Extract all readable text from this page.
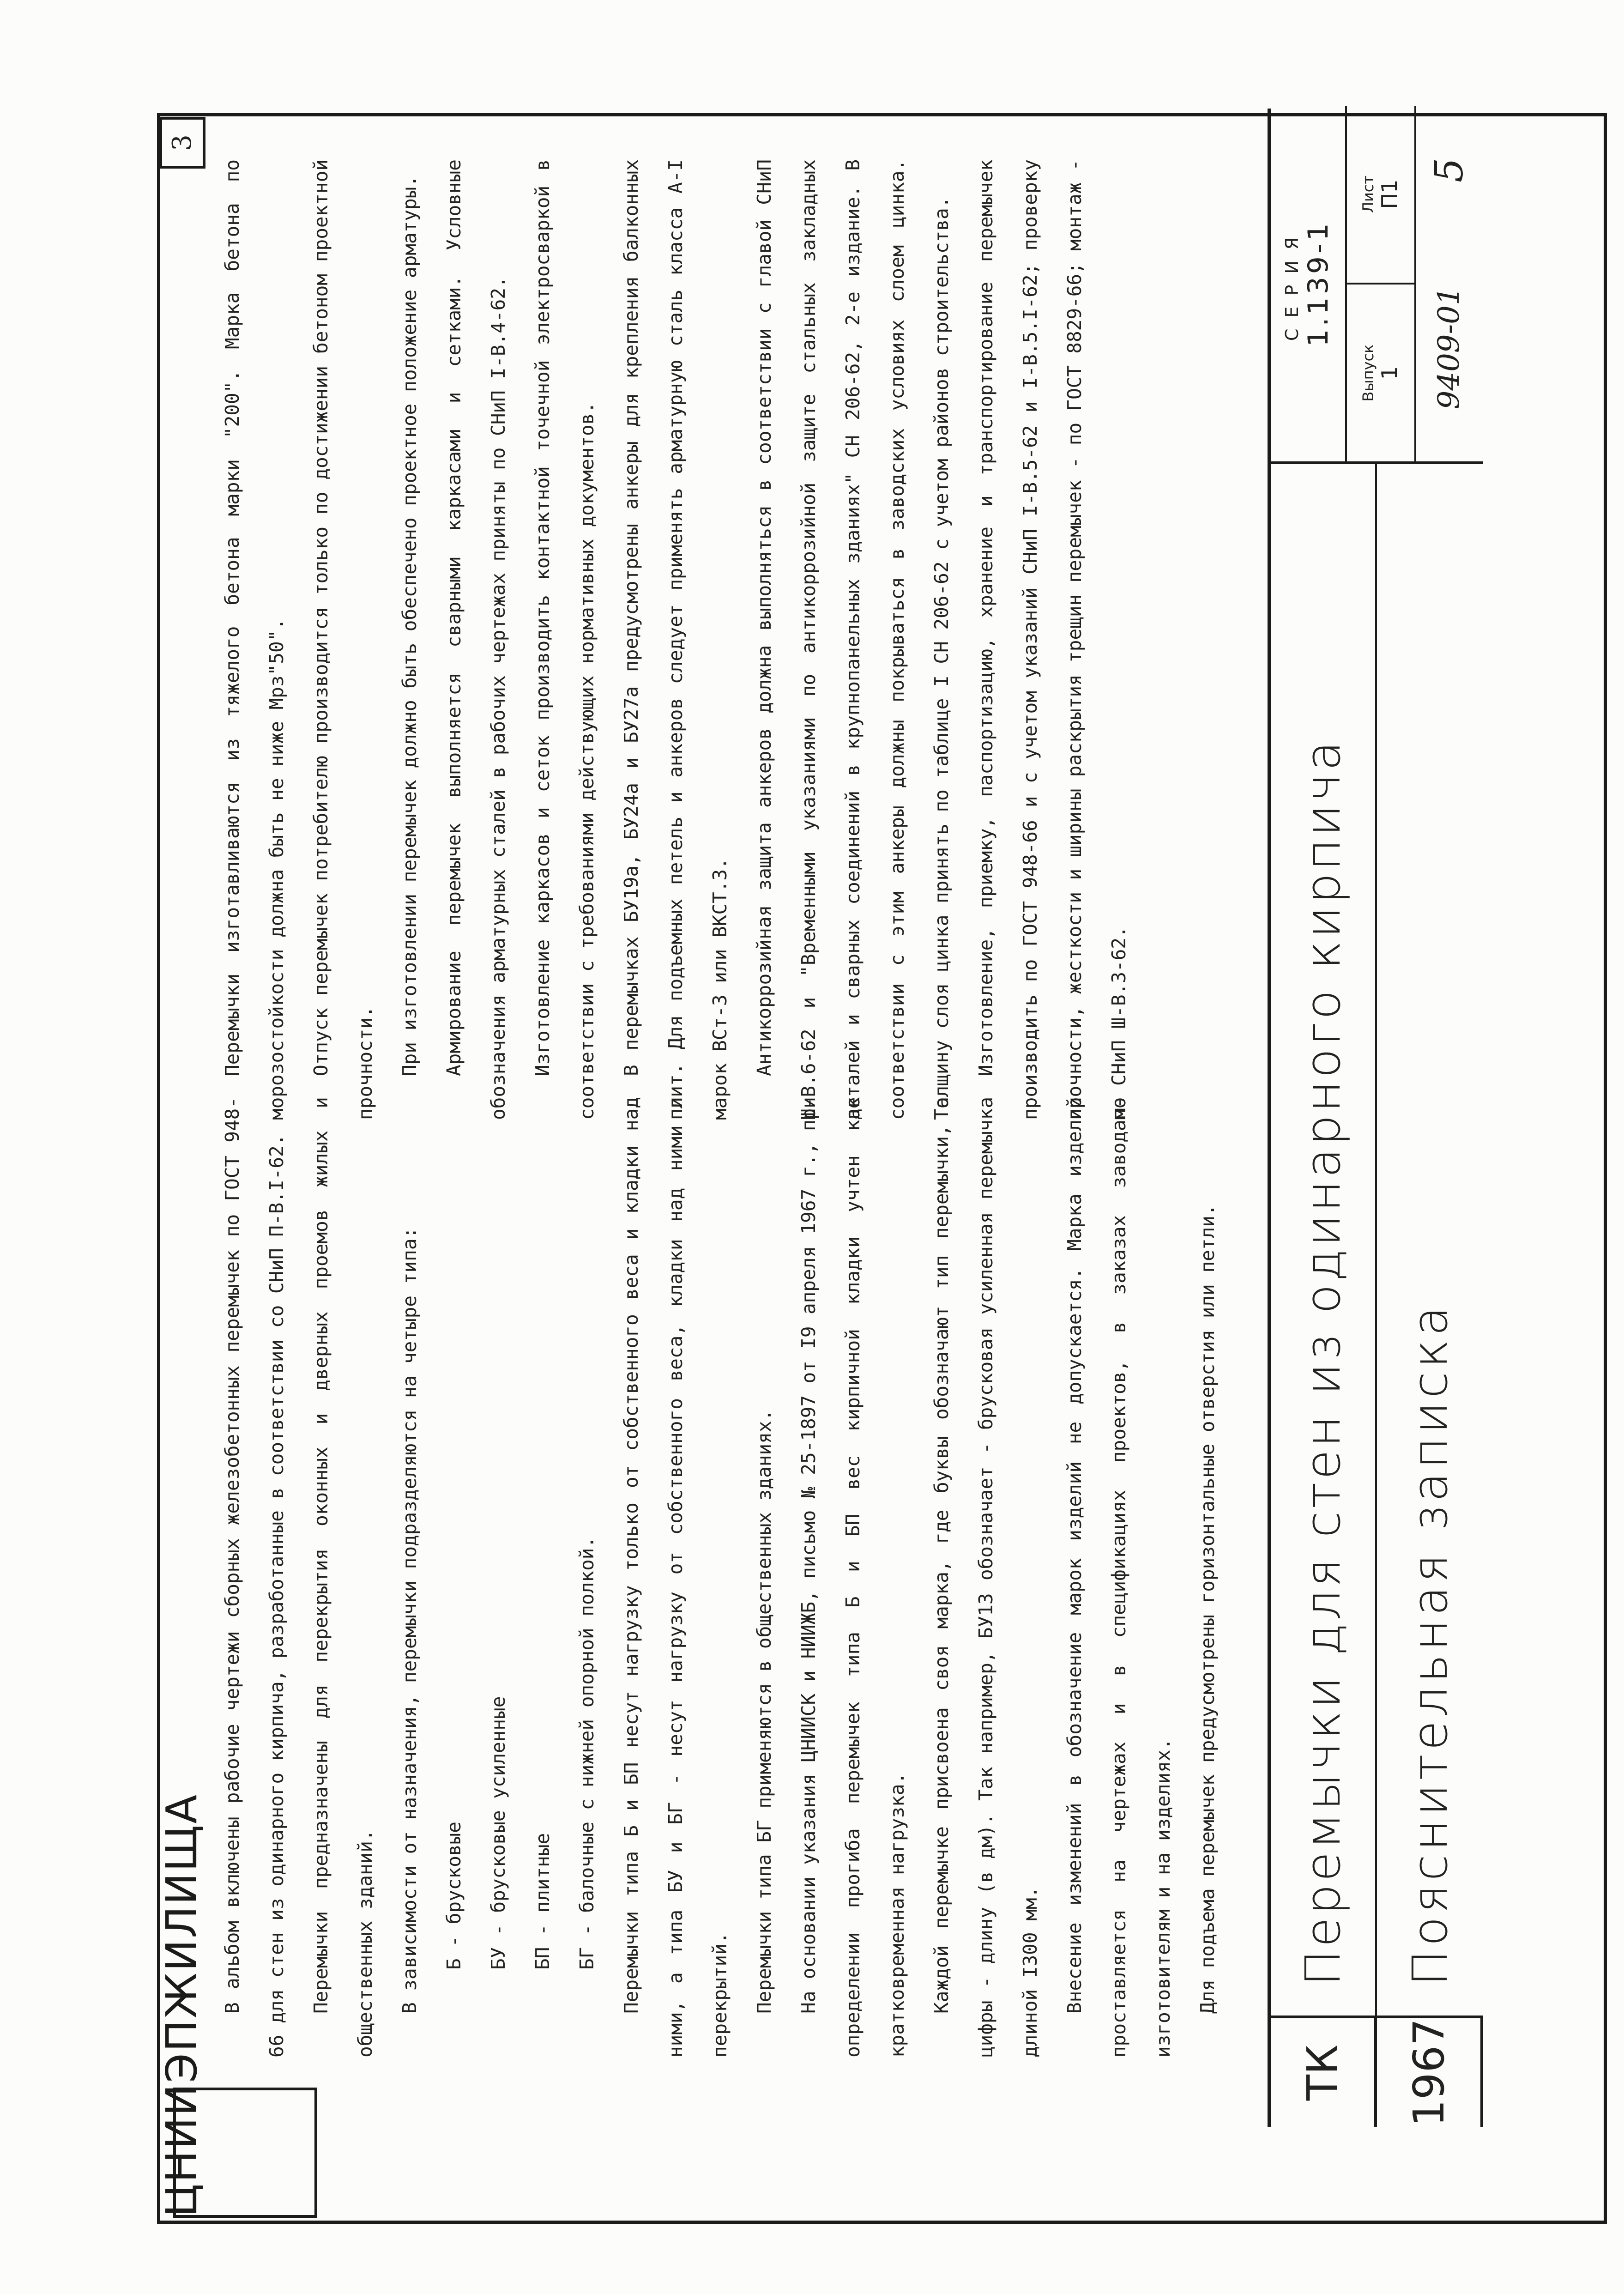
3

В альбом включены рабочие чертежи сборных железобетонных перемычек по ГОСТ 948-66 для стен из одинарного кирпича, разработанные в соответствии со СНиП П-В.I-62.	Перемычки предназначены для перекрытия оконных и дверных проемов жилых и общественных зданий.	В зависимости от назначения, перемычки подразделяются на четыре типа:	Б - брусковые	БУ - брусковые усиленные	БП - плитные	БГ - балочные с нижней опорной полкой.	Перемычки типа Б и БП несут нагрузку только от собственного веса и кладки над ними, а типа БУ и БГ - несут нагрузку от собственного веса, кладки над ними и перекрытий.	Перемычки типа БГ применяются в общественных зданиях.	На основании указания ЦНИИСК и НИИЖБ, письмо № 25-1897 от I9 апреля 1967 г., при определении прогиба перемычек типа Б и БП вес кирпичной кладки учтен как кратковременная нагрузка.	Каждой перемычке присвоена своя марка, где буквы обозначают тип перемычки, а цифры - длину (в дм). Так например, БУ13 обозначает - брусковая усиленная перемычка длиной I300 мм.	Внесение изменений в обозначение марок изделий не допускается. Марка изделий проставляется на чертежах и в спецификациях проектов, в заказах заводам-изготовителям и на изделиях.	Для подъема перемычек предусмотрены горизонтальные отверстия или петли.

Перемычки изготавливаются из тяжелого бетона марки "200". Марка бетона по морозостойкости должна быть не ниже Мрз"50".	Отпуск перемычек потребителю производится только по достижении бетоном проектной прочности.	При изготовлении перемычек должно быть обеспечено проектное положение арматуры.	Армирование перемычек выполняется сварными каркасами и сетками. Условные обозначения арматурных сталей в рабочих чертежах приняты по СНиП I-В.4-62.	Изготовление каркасов и сеток производить контактной точечной электросваркой в соответствии с требованиями действующих нормативных документов.	В перемычках БУ19а, БУ24а и БУ27а предусмотрены анкеры для крепления балконных плит. Для подъемных петель и анкеров следует применять арматурную сталь класса А-I марок ВСт-3 или ВКСТ.3.	Антикоррозийная защита анкеров должна выполняться в соответствии с главой СНиП Ш-В.6-62 и "Временными указаниями по антикоррозийной защите стальных закладных деталей и сварных соединений в крупнопанельных зданиях" СН 206-62, 2-е издание. В соответствии с этим анкеры должны покрываться в заводских условиях слоем цинка. Толщину слоя цинка принять по таблице I СН 206-62 с учетом районов строительства.	Изготовление, приемку, паспортизацию, хранение и транспортирование перемычек производить по ГОСТ 948-66 и с учетом указаний СНиП I-В.5-62 и I-В.5.I-62; проверку прочности, жесткости и ширины раскрытия трещин перемычек - по ГОСТ 8829-66; монтаж - по СНиП Ш-В.3-62.

ТК	1967
Перемычки для стен из одинарного кирпича	Пояснительная записка
СЕРИЯ 1.139-1
Выпуск 1
Лист П1
9409-01
5
ЦНИИЭПЖИЛИЩА
